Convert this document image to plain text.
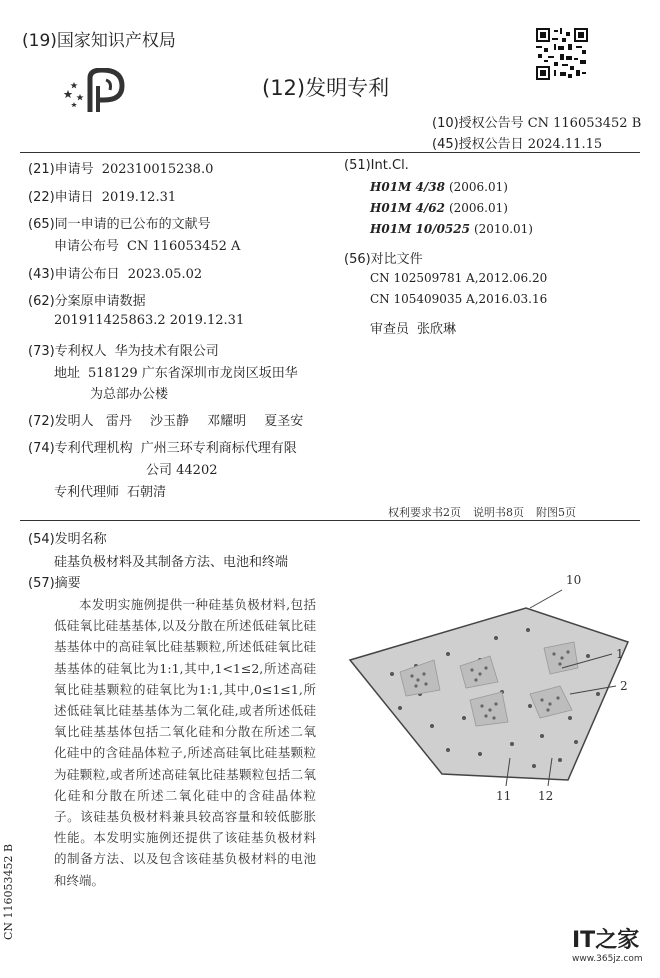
(19)国家知识产权局
(12)发明专利
(10)授权公告号 CN 116053452 B
(45)授权公告日 2024.11.15
(21)申请号 202310015238.0
(22)申请日 2019.12.31
(65)同一申请的已公布的文献号
申请公布号 CN 116053452 A
(43)申请公布日 2023.05.02
(62)分案原申请数据
201911425863.2 2019.12.31
(73)专利权人 华为技术有限公司
地址 518129 广东省深圳市龙岗区坂田华
为总部办公楼
(72)发明人 雷丹 沙玉静 邓耀明 夏圣安
(74)专利代理机构 广州三环专利商标代理有限
公司 44202
专利代理师 石朝清
(51)Int.Cl.
H01M 4/38 (2006.01)
H01M 4/62 (2006.01)
H01M 10/0525 (2010.01)
(56)对比文件
CN 102509781 A,2012.06.20
CN 105409035 A,2016.03.16
审查员 张欣琳
权利要求书2页 说明书8页 附图5页
(54)发明名称
硅基负极材料及其制备方法、电池和终端
(57)摘要
本发明实施例提供一种硅基负极材料,包括低硅氧比硅基基体,以及分散在所述低硅氧比硅基基体中的高硅氧比硅基颗粒,所述低硅氧比硅基基体的硅氧比为1:1,其中,1<1≤2,所述高硅氧比硅基颗粒的硅氧比为1:1,其中,0≤1≤1,所述低硅氧比硅基基体为二氧化硅,或者所述低硅氧比硅基基体包括二氧化硅和分散在所述二氧化硅中的含硅晶体粒子,所述高硅氧比硅基颗粒为硅颗粒,或者所述高硅氧比硅基颗粒包括二氧化硅和分散在所述二氧化硅中的含硅晶体粒子。该硅基负极材料兼具较高容量和较低膨胀性能。本发明实施例还提供了该硅基负极材料的制备方法、以及包含该硅基负极材料的电池和终端。
10
1
2
11 12
CN 116053452 B
IT之家
www.365jz.com
